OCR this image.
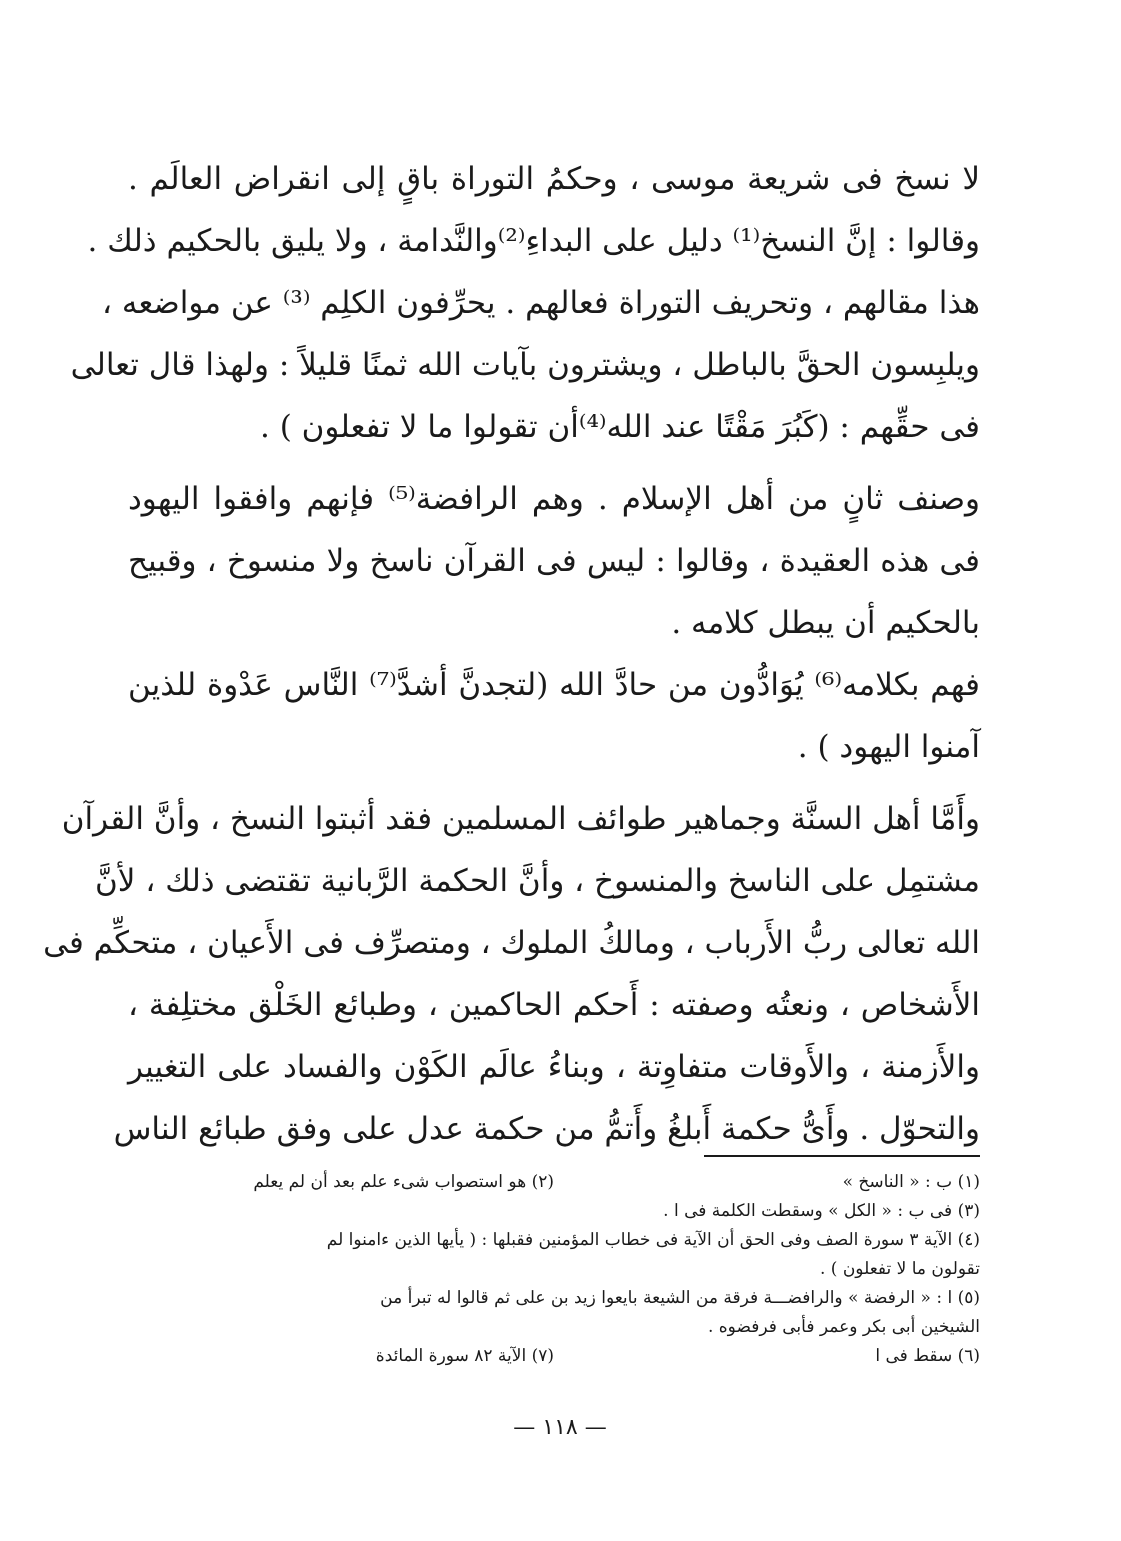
لا نسخ فى شريعة موسى ، وحكمُ التوراة باقٍ إلى انقراض العالَم .
وقالوا : إنَّ النسخ⁽¹⁾ دليل على البداءِ⁽²⁾والنَّدامة ، ولا يليق بالحكيم ذلك .
هذا مقالهم ، وتحريف التوراة فعالهم . يحرِّفون الكلِم ⁽³⁾ عن مواضعه ،
ويلبِسون الحقَّ بالباطل ، ويشترون بآيات الله ثمنًا قليلاً : ولهذا قال تعالى
فى حقِّهم : (كَبُرَ مَقْتًا عند الله⁽⁴⁾أن تقولوا ما لا تفعلون ) .
وصنف ثانٍ من أهل الإسلام . وهم الرافضة⁽⁵⁾ فإنهم وافقوا اليهود
فى هذه العقيدة ، وقالوا : ليس فى القرآن ناسخ ولا منسوخ ، وقبيح
بالحكيم أن يبطل كلامه .
فهم بكلامه⁽⁶⁾ يُوَادُّون من حادَّ الله (لتجدنَّ أشدَّ⁽⁷⁾ النَّاس عَدْوة للذين
آمنوا اليهود ) .
وأَمَّا أهل السنَّة وجماهير طوائف المسلمين فقد أثبتوا النسخ ، وأنَّ القرآن
مشتمِل على الناسخ والمنسوخ ، وأنَّ الحكمة الرَّبانية تقتضى ذلك ، لأنَّ
الله تعالى ربُّ الأَرباب ، ومالكُ الملوك ، ومتصرِّف فى الأَعيان ، متحكِّم فى
الأَشخاص ، ونعتُه وصفته : أَحكم الحاكمين ، وطبائع الخَلْق مختلِفة ،
والأَزمنة ، والأَوقات متفاوِتة ، وبناءُ عالَم الكَوْن والفساد على التغيير
والتحوّل . وأَىُّ حكمة أَبلغُ وأَتمُّ من حكمة عدل على وفق طبائع الناس
(١) ب : « الناسخ »
(٢) هو استصواب شىء علم بعد أن لم يعلم
(٣) فى ب : « الكل » وسقطت الكلمة فى ا .
(٤) الآية ٣ سورة الصف وفى الحق أن الآية فى خطاب المؤمنين فقبلها : ( يأيها الذين ءامنوا لم
تقولون ما لا تفعلون ) .
(٥) ا : « الرفضة » والرافضـــة فرقة من الشيعة بايعوا زيد بن على ثم قالوا له تبرأ من
الشيخين أبى بكر وعمر فأبى فرفضوه .
(٦) سقط فى ا
(٧) الآية ٨٢ سورة المائدة
— ١١٨ —
